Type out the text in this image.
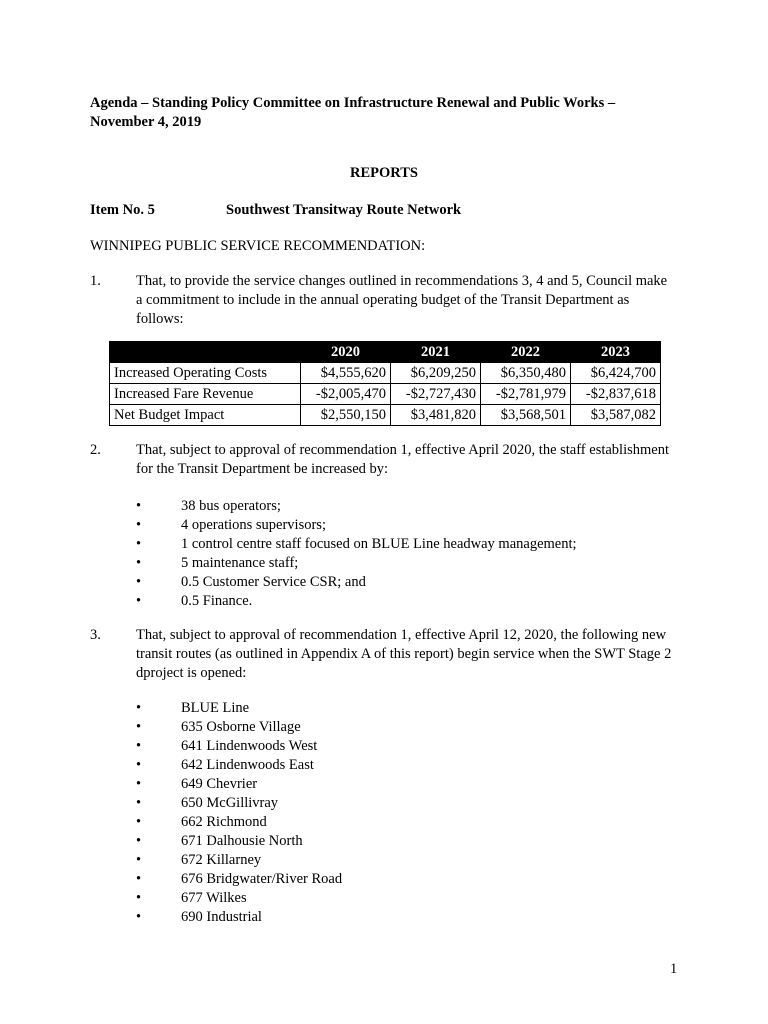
Agenda – Standing Policy Committee on Infrastructure Renewal and Public Works –
November 4, 2019
REPORTS
Item No. 5	Southwest Transitway Route Network
WINNIPEG PUBLIC SERVICE RECOMMENDATION:
1. That, to provide the service changes outlined in recommendations 3, 4 and 5, Council make a commitment to include in the annual operating budget of the Transit Department as follows:
	2020	2021	2022	2023
Increased Operating Costs	$4,555,620	$6,209,250	$6,350,480	$6,424,700
Increased Fare Revenue	-$2,005,470	-$2,727,430	-$2,781,979	-$2,837,618
Net Budget Impact	$2,550,150	$3,481,820	$3,568,501	$3,587,082
2. That, subject to approval of recommendation 1, effective April 2020, the staff establishment for the Transit Department be increased by:
•	38 bus operators;
•	4 operations supervisors;
•	1 control centre staff focused on BLUE Line headway management;
•	5 maintenance staff;
•	0.5 Customer Service CSR; and
•	0.5 Finance.
3. That, subject to approval of recommendation 1, effective April 12, 2020, the following new transit routes (as outlined in Appendix A of this report) begin service when the SWT Stage 2 dproject is opened:
•	BLUE Line
•	635 Osborne Village
•	641 Lindenwoods West
•	642 Lindenwoods East
•	649 Chevrier
•	650 McGillivray
•	662 Richmond
•	671 Dalhousie North
•	672 Killarney
•	676 Bridgwater/River Road
•	677 Wilkes
•	690 Industrial
1
